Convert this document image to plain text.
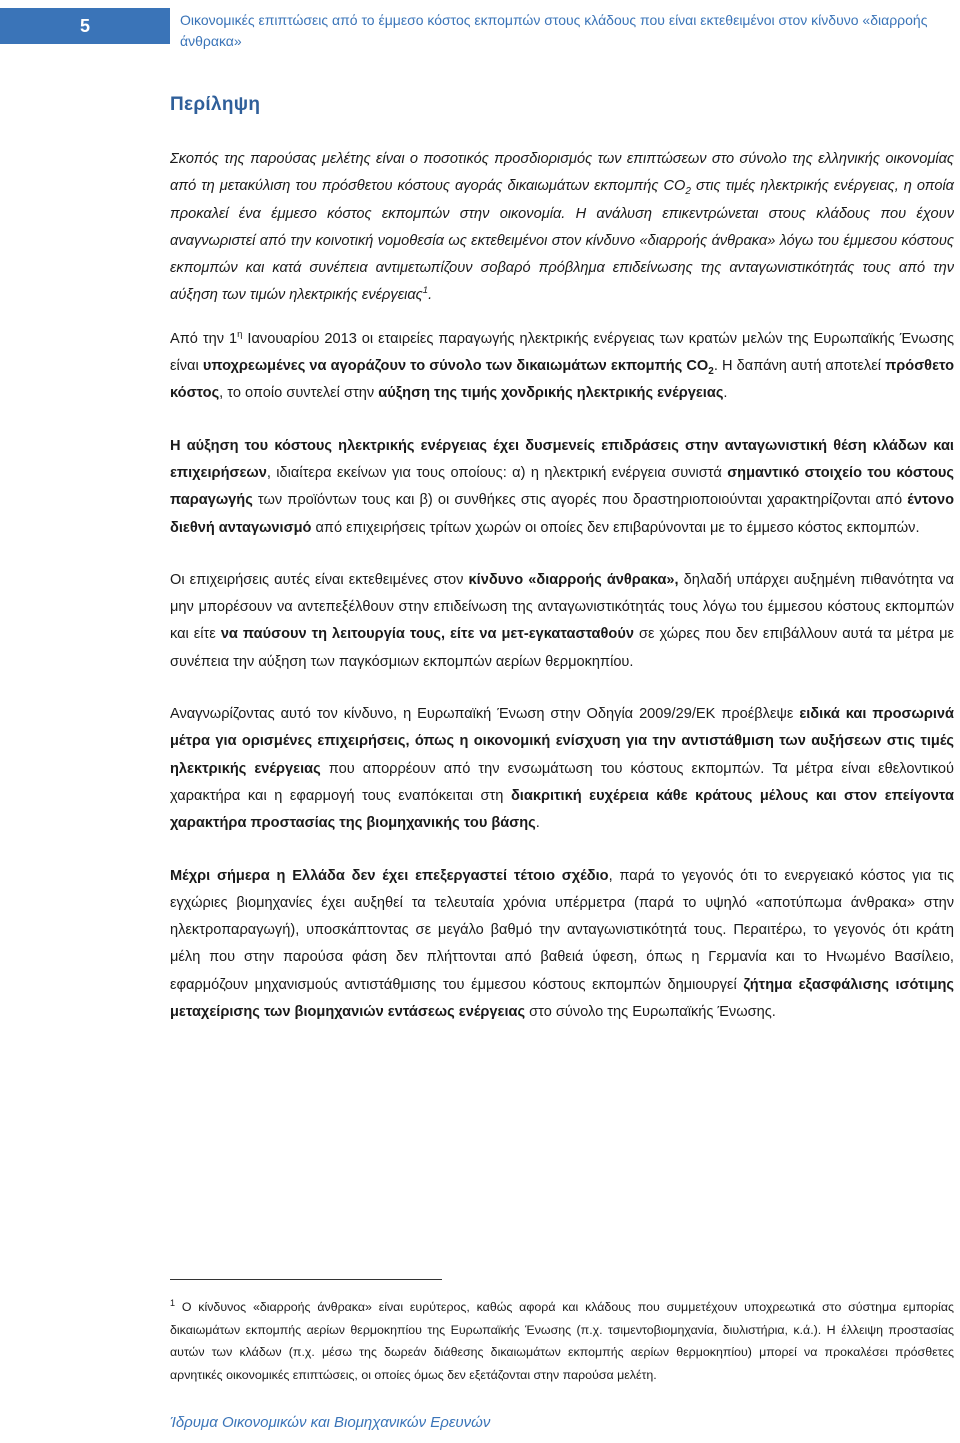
5	Οικονομικές επιπτώσεις από το έμμεσο κόστος εκπομπών στους κλάδους που είναι εκτεθειμένοι στον κίνδυνο «διαρροής άνθρακα»
Περίληψη

Σκοπός της παρούσας μελέτης είναι ο ποσοτικός προσδιορισμός των επιπτώσεων στο σύνολο της ελληνικής οικονομίας από τη μετακύλιση του πρόσθετου κόστους αγοράς δικαιωμάτων εκπομπής $CO_2$ στις τιμές ηλεκτρικής ενέργειας, η οποία προκαλεί ένα έμμεσο κόστος εκπομπών στην οικονομία. Η ανάλυση επικεντρώνεται στους κλάδους που έχουν αναγνωριστεί από την κοινοτική νομοθεσία ως εκτεθειμένοι στον κίνδυνο «διαρροής άνθρακα» λόγω του έμμεσου κόστους εκπομπών και κατά συνέπεια αντιμετωπίζουν σοβαρό πρόβλημα επιδείνωσης της ανταγωνιστικότητάς τους από την αύξηση των τιμών ηλεκτρικής ενέργειας$^1$.

Από την $1^\eta$ Ιανουαρίου 2013 οι εταιρείες παραγωγής ηλεκτρικής ενέργειας των κρατών μελών της Ευρωπαϊκής Ένωσης είναι υποχρεωμένες να αγοράζουν το σύνολο των δικαιωμάτων εκπομπής $CO_2$. Η δαπάνη αυτή αποτελεί πρόσθετο κόστος, το οποίο συντελεί στην αύξηση της τιμής χονδρικής ηλεκτρικής ενέργειας.

Η αύξηση του κόστους ηλεκτρικής ενέργειας έχει δυσμενείς επιδράσεις στην ανταγωνιστική θέση κλάδων και επιχειρήσεων, ιδιαίτερα εκείνων για τους οποίους: α) η ηλεκτρική ενέργεια συνιστά σημαντικό στοιχείο του κόστους παραγωγής των προϊόντων τους και β) οι συνθήκες στις αγορές που δραστηριοποιούνται χαρακτηρίζονται από έντονο διεθνή ανταγωνισμό από επιχειρήσεις τρίτων χωρών οι οποίες δεν επιβαρύνονται με το έμμεσο κόστος εκπομπών.

Οι επιχειρήσεις αυτές είναι εκτεθειμένες στον κίνδυνο «διαρροής άνθρακα», δηλαδή υπάρχει αυξημένη πιθανότητα να μην μπορέσουν να αντεπεξέλθουν στην επιδείνωση της ανταγωνιστικότητάς τους λόγω του έμμεσου κόστους εκπομπών και είτε να παύσουν τη λειτουργία τους, είτε να μετ-εγκατασταθούν σε χώρες που δεν επιβάλλουν αυτά τα μέτρα με συνέπεια την αύξηση των παγκόσμιων εκπομπών αερίων θερμοκηπίου.

Αναγνωρίζοντας αυτό τον κίνδυνο, η Ευρωπαϊκή Ένωση στην Οδηγία 2009/29/ΕΚ προέβλεψε ειδικά και προσωρινά μέτρα για ορισμένες επιχειρήσεις, όπως η οικονομική ενίσχυση για την αντιστάθμιση των αυξήσεων στις τιμές ηλεκτρικής ενέργειας που απορρέουν από την ενσωμάτωση του κόστους εκπομπών. Τα μέτρα είναι εθελοντικού χαρακτήρα και η εφαρμογή τους εναπόκειται στη διακριτική ευχέρεια κάθε κράτους μέλους και στον επείγοντα χαρακτήρα προστασίας της βιομηχανικής του βάσης.

Μέχρι σήμερα η Ελλάδα δεν έχει επεξεργαστεί τέτοιο σχέδιο, παρά το γεγονός ότι το ενεργειακό κόστος για τις εγχώριες βιομηχανίες έχει αυξηθεί τα τελευταία χρόνια υπέρμετρα (παρά το υψηλό «αποτύπωμα άνθρακα» στην ηλεκτροπαραγωγή), υποσκάπτοντας σε μεγάλο βαθμό την ανταγωνιστικότητά τους. Περαιτέρω, το γεγονός ότι κράτη μέλη που στην παρούσα φάση δεν πλήττονται από βαθειά ύφεση, όπως η Γερμανία και το Ηνωμένο Βασίλειο, εφαρμόζουν μηχανισμούς αντιστάθμισης του έμμεσου κόστους εκπομπών δημιουργεί ζήτημα εξασφάλισης ισότιμης μεταχείρισης των βιομηχανιών εντάσεως ενέργειας στο σύνολο της Ευρωπαϊκής Ένωσης.

$^1$ Ο κίνδυνος «διαρροής άνθρακα» είναι ευρύτερος, καθώς αφορά και κλάδους που συμμετέχουν υποχρεωτικά στο σύστημα εμπορίας δικαιωμάτων εκπομπής αερίων θερμοκηπίου της Ευρωπαϊκής Ένωσης (π.χ. τσιμεντοβιομηχανία, διυλιστήρια, κ.ά.). Η έλλειψη προστασίας αυτών των κλάδων (π.χ. μέσω της δωρεάν διάθεσης δικαιωμάτων εκπομπής αερίων θερμοκηπίου) μπορεί να προκαλέσει πρόσθετες αρνητικές οικονομικές επιπτώσεις, οι οποίες όμως δεν εξετάζονται στην παρούσα μελέτη.
Ίδρυμα Οικονομικών και Βιομηχανικών Ερευνών
